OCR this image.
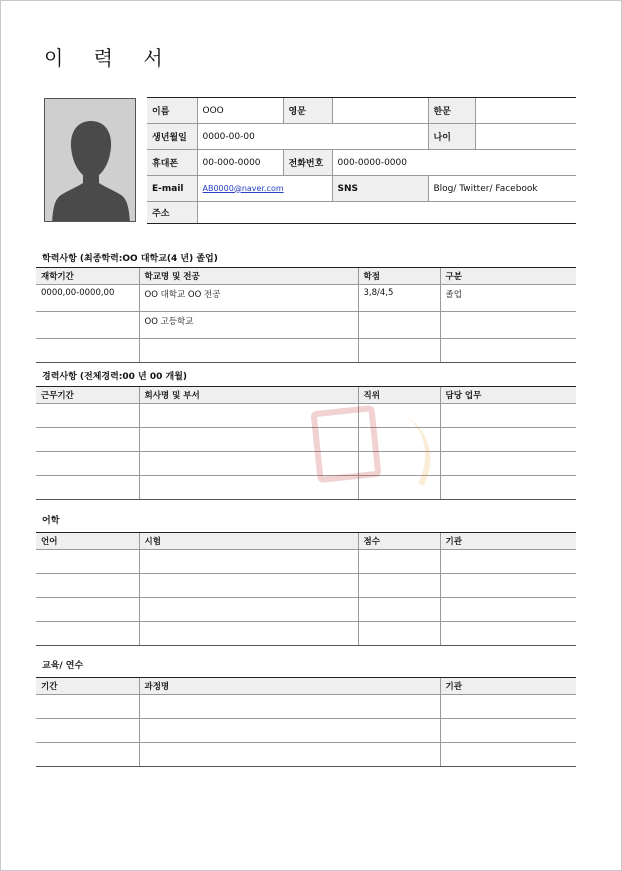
이 력 서
이름	OOO	영문		한문	
생년월일	0000-00-00			나이	
휴대폰	00-000-0000	전화번호	000-0000-0000		
E-mail	AB0000@naver.com		SNS	Blog/ Twitter/ Facebook	
주소					
학력사항 (최종학력:OO 대학교(4 년) 졸업)
재학기간	학교명 및 전공	학점	구분
0000,00-0000,00	OO 대학교 OO 전공	3,8/4,5	졸업
	OO 고등학교		

경력사항 (전체경력:00 년 00 개월)
근무기간	회사명 및 부서	직위	담당 업무

어학
언어	시험	점수	기관

교육/ 연수
기간	과정명	기관
